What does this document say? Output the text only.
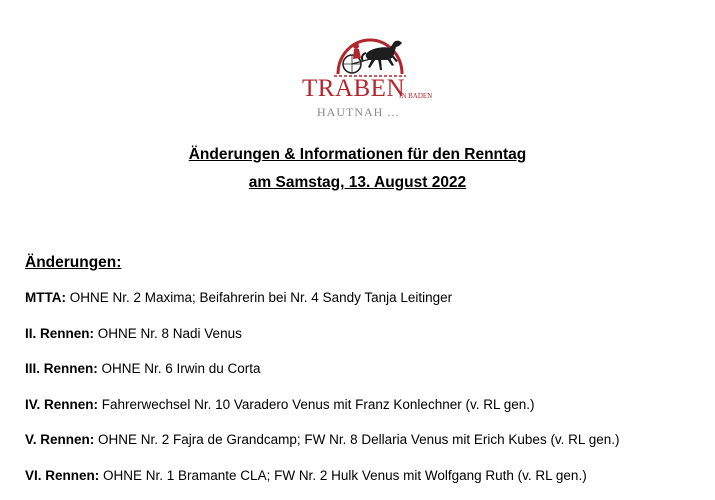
TRABEN
IN BADEN
HAUTNAH ...
Änderungen & Informationen für den Renntag
am Samstag, 13. August 2022
Änderungen:
MTTA: OHNE Nr. 2 Maxima; Beifahrerin bei Nr. 4 Sandy Tanja Leitinger
II. Rennen: OHNE Nr. 8 Nadi Venus
III. Rennen: OHNE Nr. 6 Irwin du Corta
IV. Rennen: Fahrerwechsel Nr. 10 Varadero Venus mit Franz Konlechner (v. RL gen.)
V. Rennen: OHNE Nr. 2 Fajra de Grandcamp; FW Nr. 8 Dellaria Venus mit Erich Kubes (v. RL gen.)
VI. Rennen: OHNE Nr. 1 Bramante CLA; FW Nr. 2 Hulk Venus mit Wolfgang Ruth (v. RL gen.)
